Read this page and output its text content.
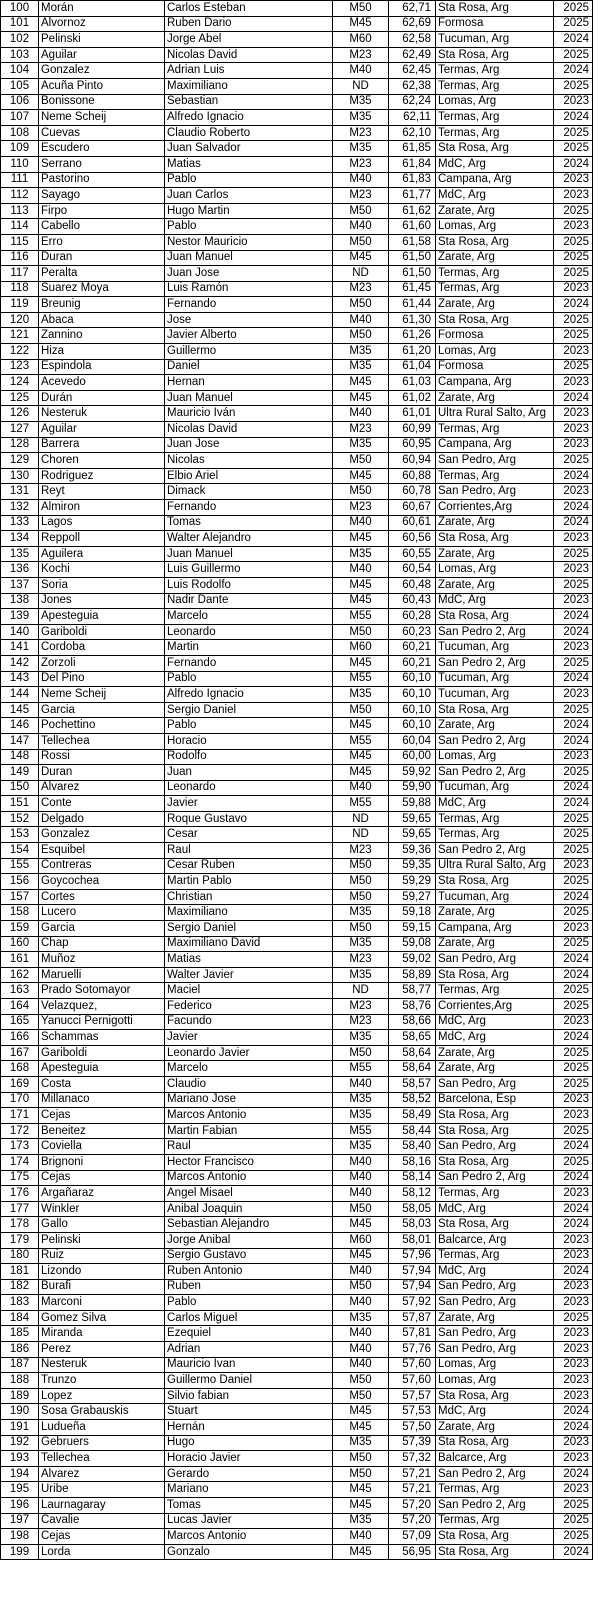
100	Morán	Carlos Esteban	M50	62,71	Sta Rosa, Arg	2025
101	Alvornoz	Ruben Dario	M45	62,69	Formosa	2025
102	Pelinski	Jorge Abel	M60	62,58	Tucuman, Arg	2024
103	Aguilar	Nicolas David	M23	62,49	Sta Rosa, Arg	2025
104	Gonzalez	Adrian Luis	M40	62,45	Termas, Arg	2024
105	Acuña Pinto	Maximiliano	ND	62,38	Termas, Arg	2025
106	Bonissone	Sebastian	M35	62,24	Lomas, Arg	2023
107	Neme Scheij	Alfredo Ignacio	M35	62,11	Termas, Arg	2024
108	Cuevas	Claudio Roberto	M23	62,10	Termas, Arg	2025
109	Escudero	Juan Salvador	M35	61,85	Sta Rosa, Arg	2025
110	Serrano	Matias	M23	61,84	MdC, Arg	2024
111	Pastorino	Pablo	M40	61,83	Campana, Arg	2023
112	Sayago	Juan Carlos	M23	61,77	MdC, Arg	2023
113	Firpo	Hugo Martin	M50	61,62	Zarate, Arg	2025
114	Cabello	Pablo	M40	61,60	Lomas, Arg	2023
115	Erro	Nestor Mauricio	M50	61,58	Sta Rosa, Arg	2025
116	Duran	Juan Manuel	M45	61,50	Zarate, Arg	2025
117	Peralta	Juan Jose	ND	61,50	Termas, Arg	2025
118	Suarez Moya	Luis Ramón	M23	61,45	Termas, Arg	2023
119	Breunig	Fernando	M50	61,44	Zarate, Arg	2024
120	Abaca	Jose	M40	61,30	Sta Rosa, Arg	2025
121	Zannino	Javier Alberto	M50	61,26	Formosa	2025
122	Hiza	Guillermo	M35	61,20	Lomas, Arg	2023
123	Espindola	Daniel	M35	61,04	Formosa	2025
124	Acevedo	Hernan	M45	61,03	Campana, Arg	2023
125	Durán	Juan Manuel	M45	61,02	Zarate, Arg	2024
126	Nesteruk	Mauricio Iván	M40	61,01	Ultra Rural Salto, Arg	2023
127	Aguilar	Nicolas David	M23	60,99	Termas, Arg	2023
128	Barrera	Juan Jose	M35	60,95	Campana, Arg	2023
129	Choren	Nicolas	M50	60,94	San Pedro, Arg	2025
130	Rodriguez	Elbio Ariel	M45	60,88	Termas, Arg	2024
131	Reyt	Dimack	M50	60,78	San Pedro, Arg	2023
132	Almiron	Fernando	M23	60,67	Corrientes,Arg	2024
133	Lagos	Tomas	M40	60,61	Zarate, Arg	2024
134	Reppoll	Walter Alejandro	M45	60,56	Sta Rosa, Arg	2023
135	Aguilera	Juan Manuel	M35	60,55	Zarate, Arg	2025
136	Kochi	Luis Guillermo	M40	60,54	Lomas, Arg	2023
137	Soria	Luis Rodolfo	M45	60,48	Zarate, Arg	2025
138	Jones	Nadir Dante	M45	60,43	MdC, Arg	2023
139	Apesteguia	Marcelo	M55	60,28	Sta Rosa, Arg	2024
140	Gariboldi	Leonardo	M50	60,23	San Pedro 2, Arg	2024
141	Cordoba	Martin	M60	60,21	Tucuman, Arg	2023
142	Zorzoli	Fernando	M45	60,21	San Pedro 2, Arg	2025
143	Del Pino	Pablo	M55	60,10	Tucuman, Arg	2024
144	Neme Scheij	Alfredo Ignacio	M35	60,10	Tucuman, Arg	2023
145	Garcia	Sergio Daniel	M50	60,10	Sta Rosa, Arg	2025
146	Pochettino	Pablo	M45	60,10	Zarate, Arg	2024
147	Tellechea	Horacio	M55	60,04	San Pedro 2, Arg	2024
148	Rossi	Rodolfo	M45	60,00	Lomas, Arg	2023
149	Duran	Juan	M45	59,92	San Pedro 2, Arg	2025
150	Alvarez	Leonardo	M40	59,90	Tucuman, Arg	2024
151	Conte	Javier	M55	59,88	MdC, Arg	2024
152	Delgado	Roque Gustavo	ND	59,65	Termas, Arg	2025
153	Gonzalez	Cesar	ND	59,65	Termas, Arg	2025
154	Esquibel	Raul	M23	59,36	San Pedro 2, Arg	2025
155	Contreras	Cesar Ruben	M50	59,35	Ultra Rural Salto, Arg	2023
156	Goycochea	Martin Pablo	M50	59,29	Sta Rosa, Arg	2025
157	Cortes	Christian	M50	59,27	Tucuman, Arg	2024
158	Lucero	Maximiliano	M35	59,18	Zarate, Arg	2025
159	Garcia	Sergio Daniel	M50	59,15	Campana, Arg	2023
160	Chap	Maximiliano David	M35	59,08	Zarate, Arg	2025
161	Muñoz	Matias	M23	59,02	San Pedro, Arg	2024
162	Maruelli	Walter Javier	M35	58,89	Sta Rosa, Arg	2024
163	Prado Sotomayor	Maciel	ND	58,77	Termas, Arg	2025
164	Velazquez,	Federico	M23	58,76	Corrientes,Arg	2025
165	Yanucci Pernigotti	Facundo	M23	58,66	MdC, Arg	2023
166	Schammas	Javier	M35	58,65	MdC, Arg	2024
167	Gariboldi	Leonardo Javier	M50	58,64	Zarate, Arg	2025
168	Apesteguia	Marcelo	M55	58,64	Zarate, Arg	2025
169	Costa	Claudio	M40	58,57	San Pedro, Arg	2025
170	Millanaco	Mariano Jose	M35	58,52	Barcelona, Esp	2023
171	Cejas	Marcos Antonio	M35	58,49	Sta Rosa, Arg	2023
172	Beneitez	Martin Fabian	M55	58,44	Sta Rosa, Arg	2025
173	Coviella	Raul	M35	58,40	San Pedro, Arg	2024
174	Brignoni	Hector Francisco	M40	58,16	Sta Rosa, Arg	2025
175	Cejas	Marcos Antonio	M40	58,14	San Pedro 2, Arg	2024
176	Argañaraz	Angel Misael	M40	58,12	Termas, Arg	2023
177	Winkler	Anibal Joaquin	M50	58,05	MdC, Arg	2024
178	Gallo	Sebastian Alejandro	M45	58,03	Sta Rosa, Arg	2024
179	Pelinski	Jorge Anibal	M60	58,01	Balcarce, Arg	2023
180	Ruiz	Sergio Gustavo	M45	57,96	Termas, Arg	2023
181	Lizondo	Ruben Antonio	M40	57,94	MdC, Arg	2024
182	Burafi	Ruben	M50	57,94	San Pedro, Arg	2023
183	Marconi	Pablo	M40	57,92	San Pedro, Arg	2023
184	Gomez Silva	Carlos Miguel	M35	57,87	Zarate, Arg	2025
185	Miranda	Ezequiel	M40	57,81	San Pedro, Arg	2023
186	Perez	Adrian	M40	57,76	San Pedro, Arg	2023
187	Nesteruk	Mauricio Ivan	M40	57,60	Lomas, Arg	2023
188	Trunzo	Guillermo Daniel	M50	57,60	Lomas, Arg	2023
189	Lopez	Silvio fabian	M50	57,57	Sta Rosa, Arg	2023
190	Sosa Grabauskis	Stuart	M45	57,53	MdC, Arg	2024
191	Ludueña	Hernán	M45	57,50	Zarate, Arg	2024
192	Gebruers	Hugo	M35	57,39	Sta Rosa, Arg	2023
193	Tellechea	Horacio Javier	M50	57,32	Balcarce, Arg	2023
194	Alvarez	Gerardo	M50	57,21	San Pedro 2, Arg	2024
195	Uribe	Mariano	M45	57,21	Termas, Arg	2023
196	Laurnagaray	Tomas	M45	57,20	San Pedro 2, Arg	2025
197	Cavalie	Lucas Javier	M35	57,20	Termas, Arg	2025
198	Cejas	Marcos Antonio	M40	57,09	Sta Rosa, Arg	2025
199	Lorda	Gonzalo	M45	56,95	Sta Rosa, Arg	2024
